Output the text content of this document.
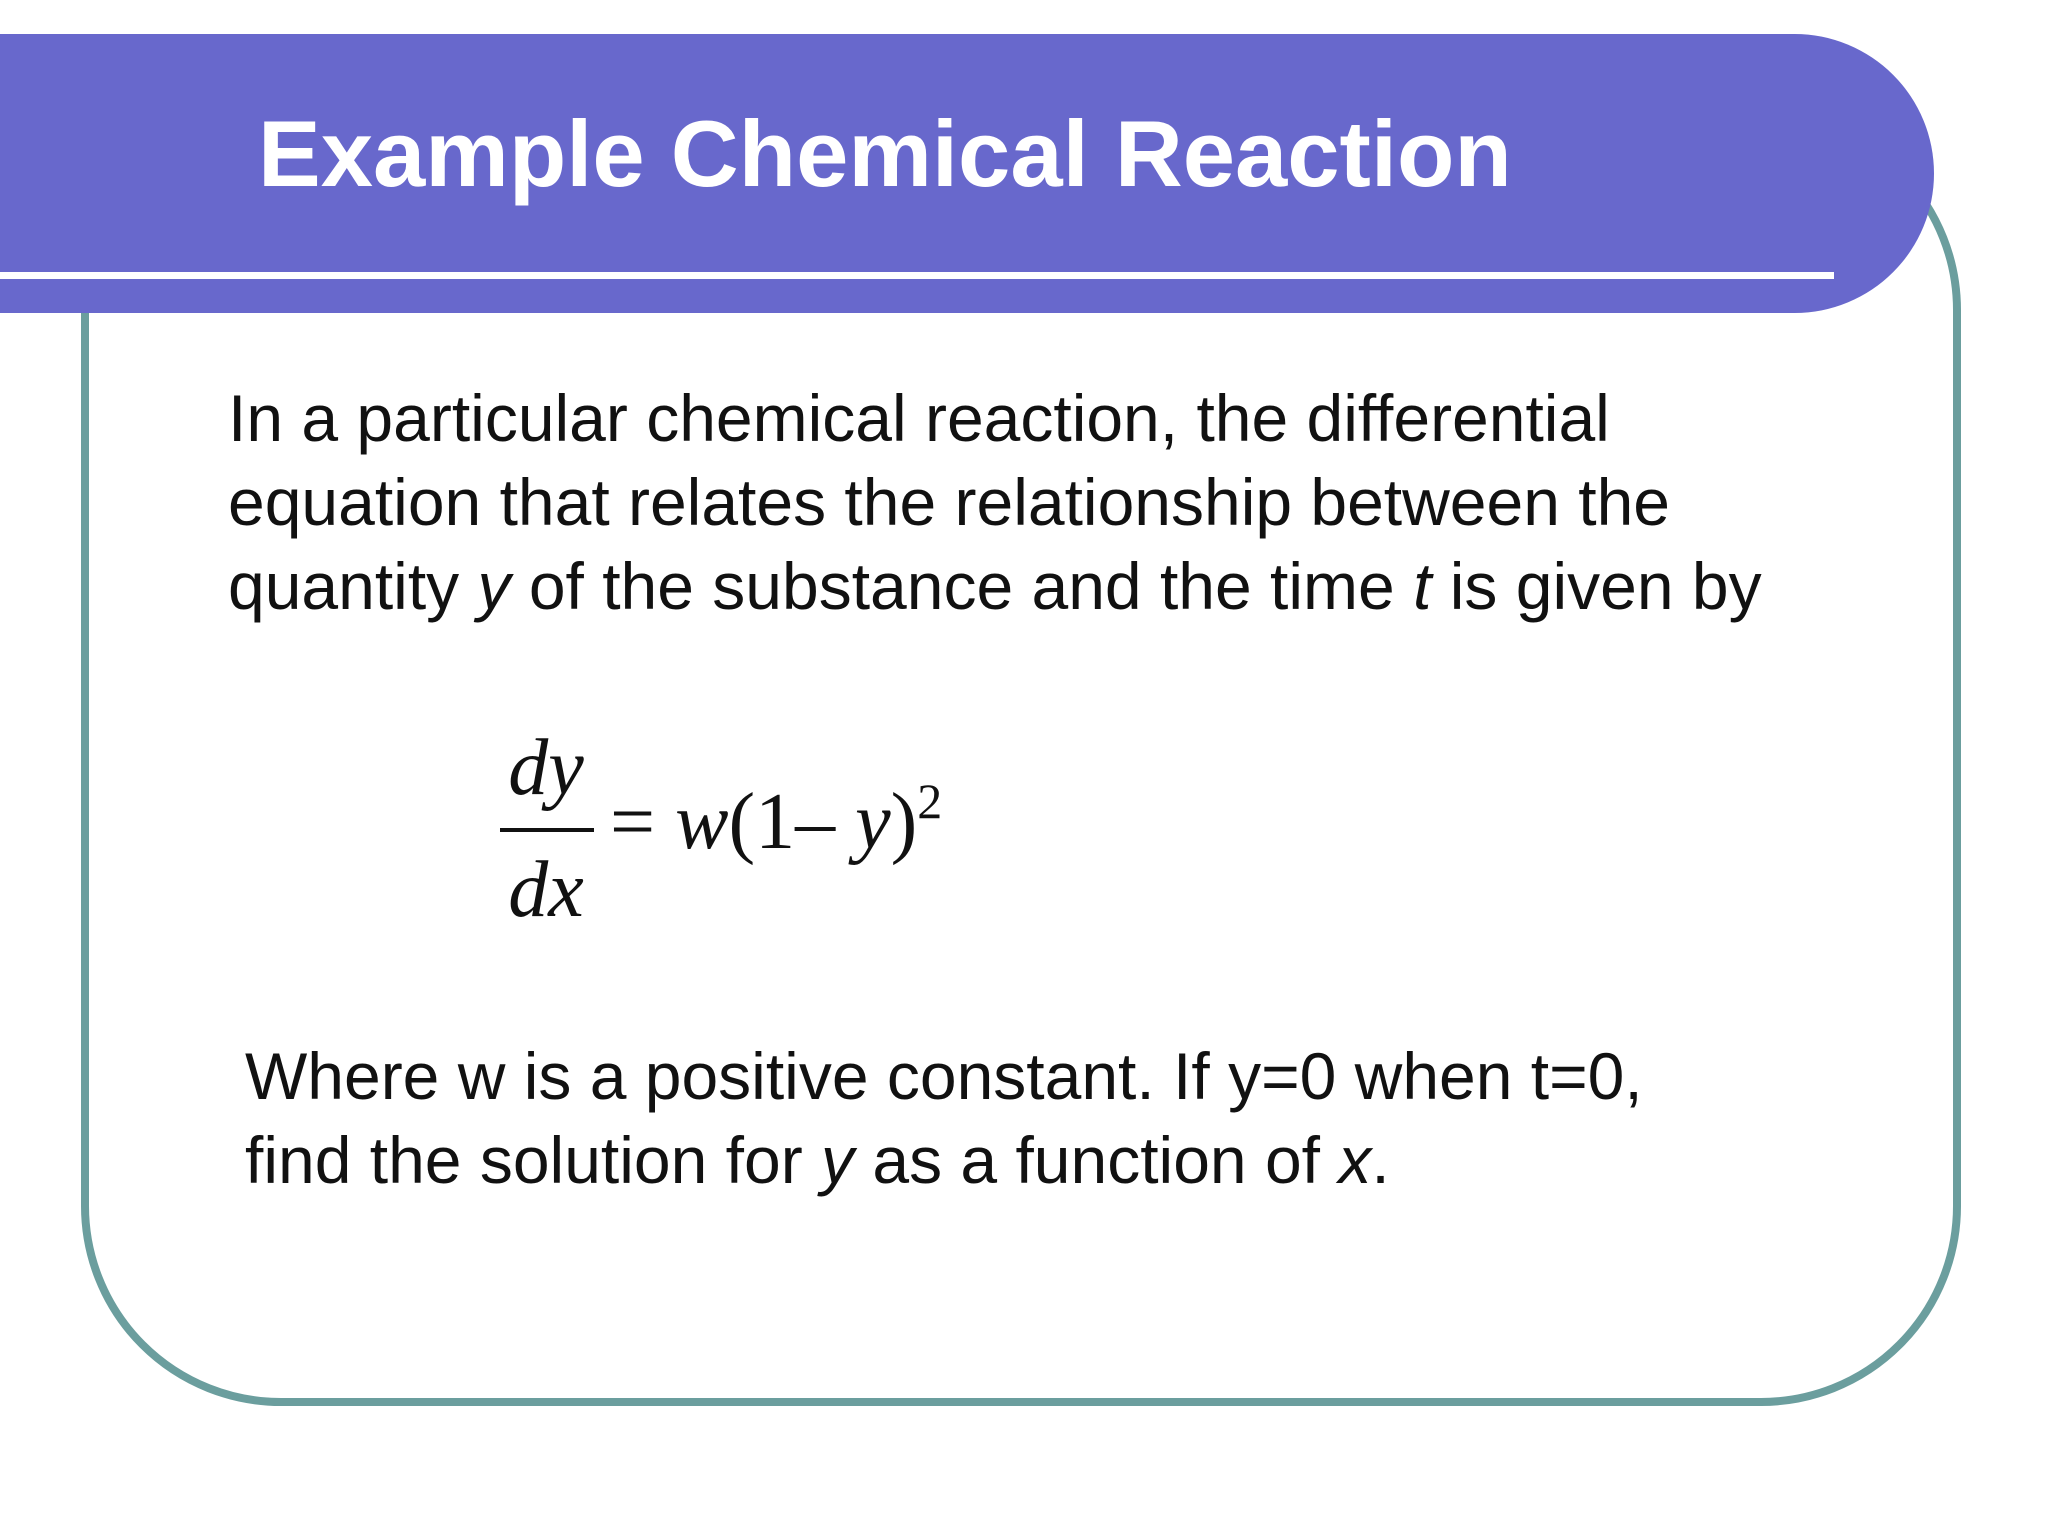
Example Chemical Reaction

In a particular chemical reaction, the differential equation that relates the relationship between the quantity y of the substance and the time t is given by

dy
dx
= w(1– y)$^2$

Where w is a positive constant. If y=0 when t=0, find the solution for y as a function of x.
